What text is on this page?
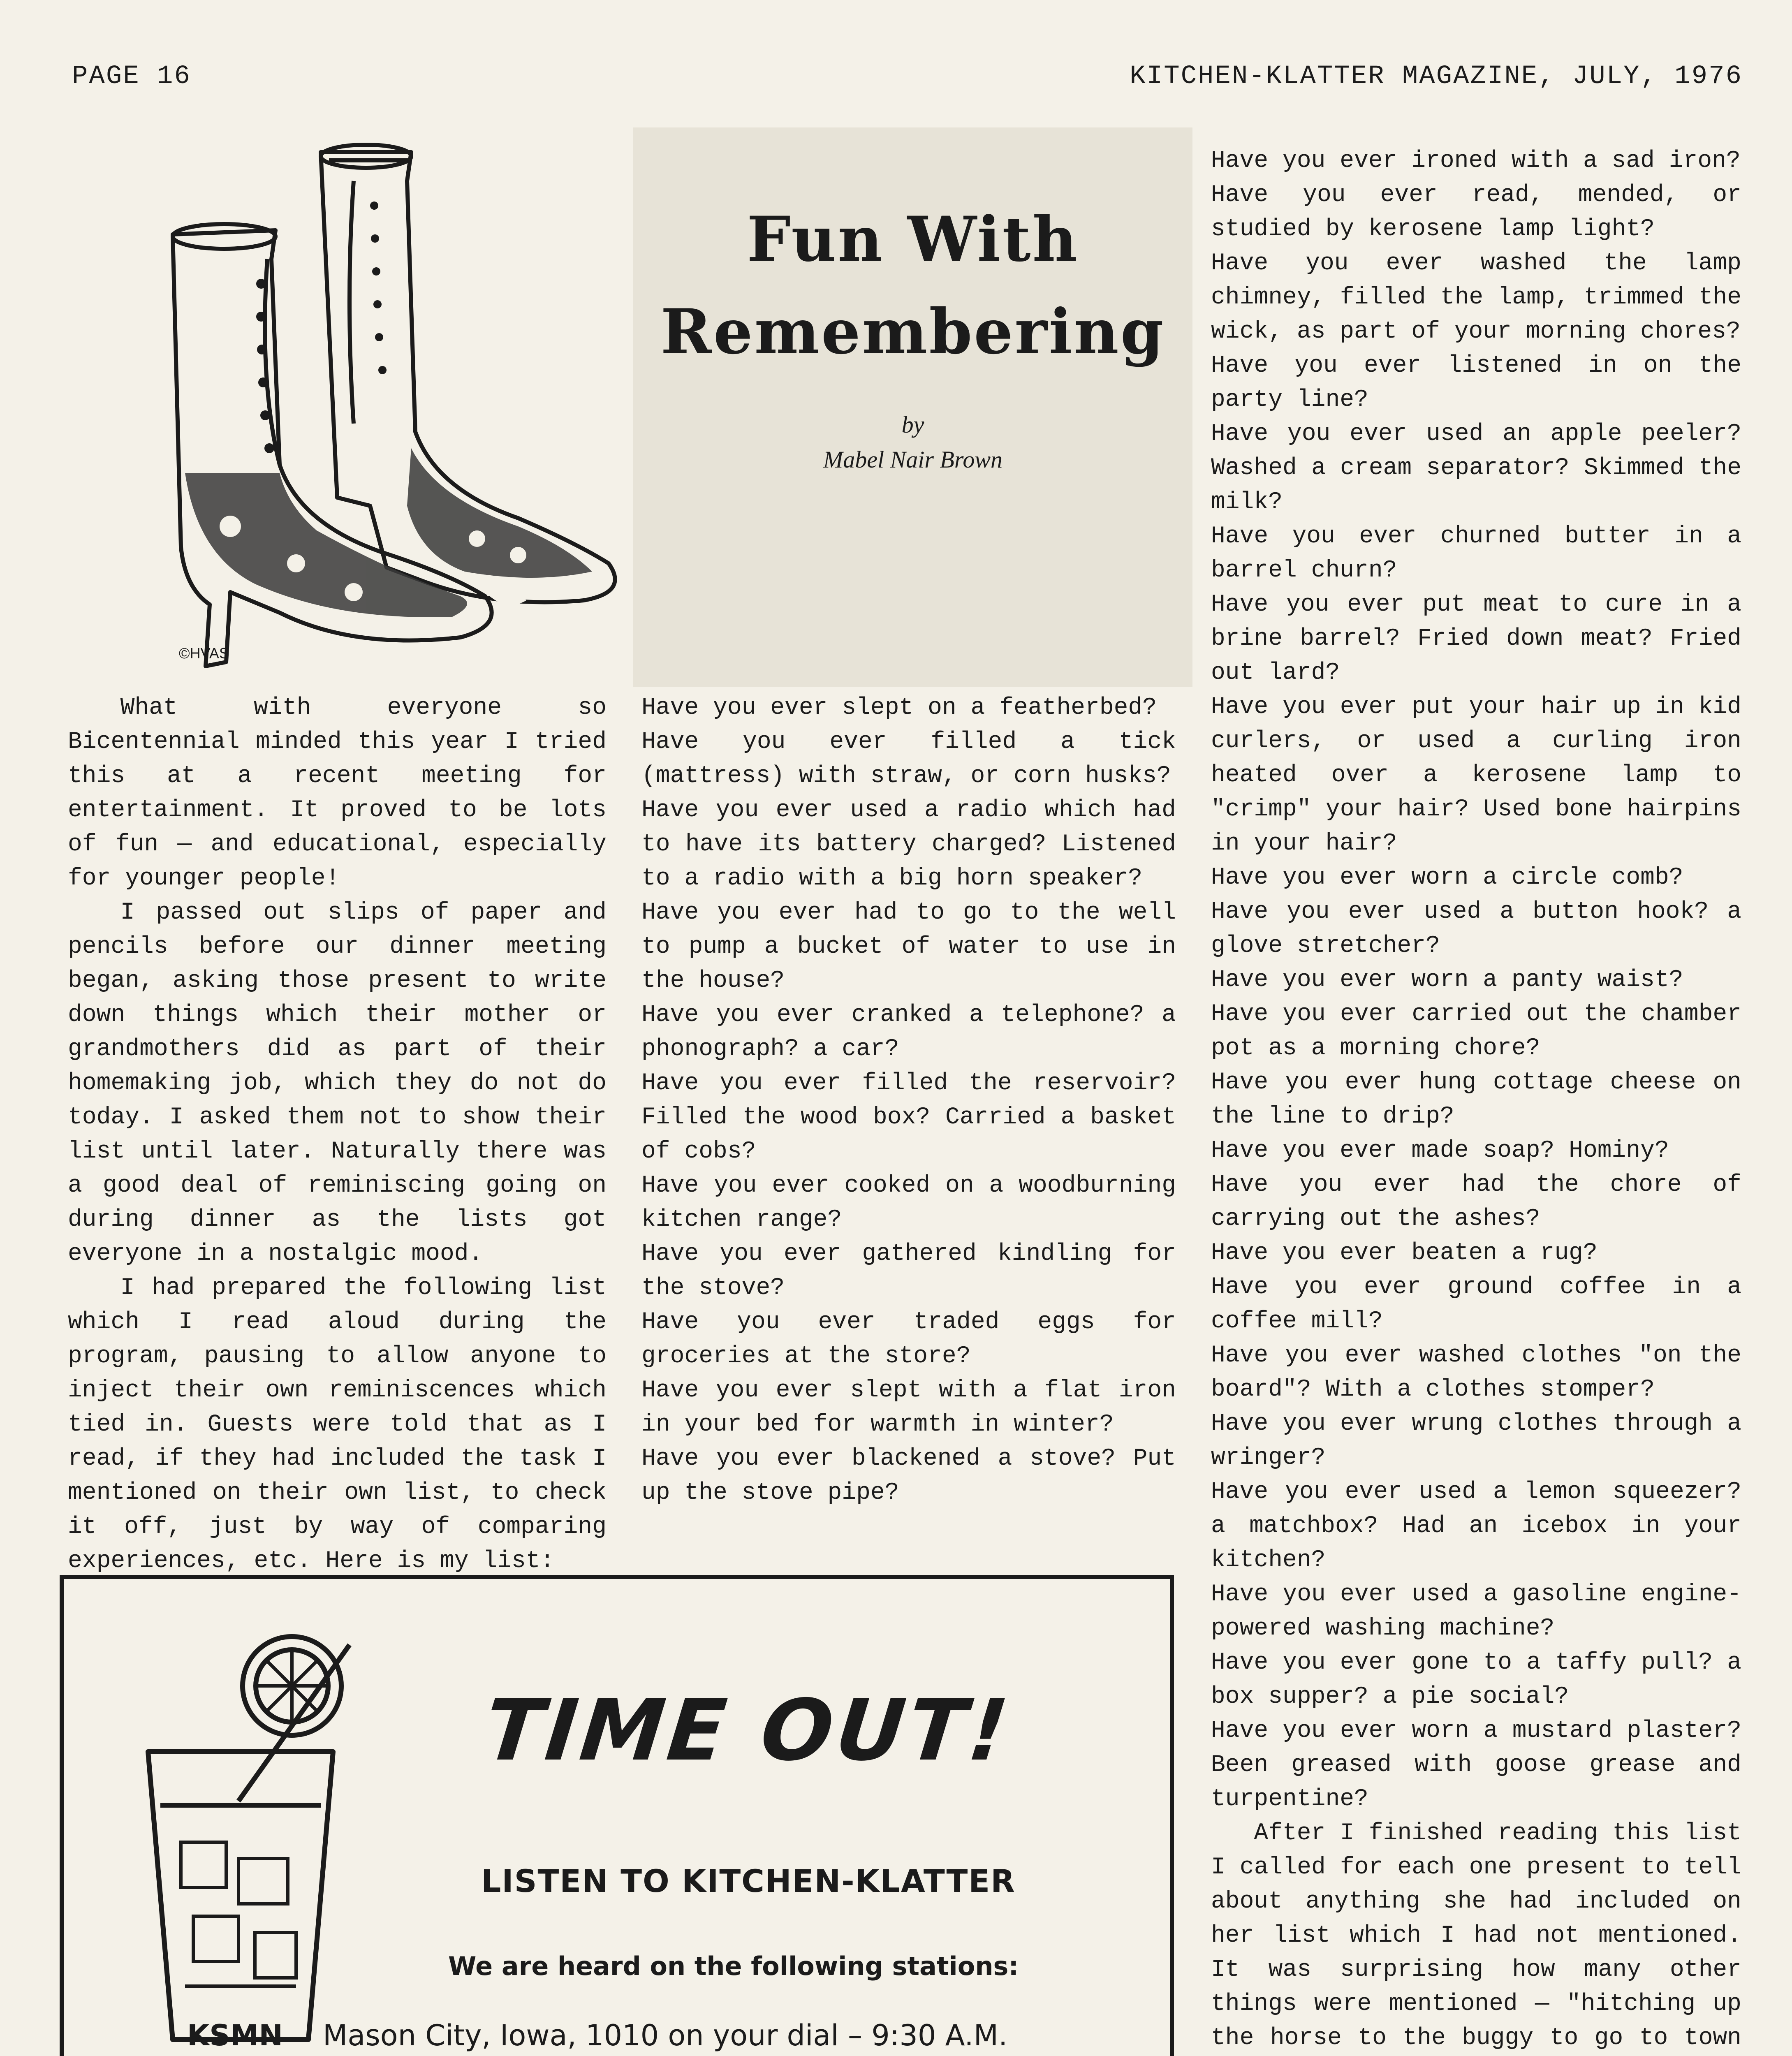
PAGE 16	KITCHEN-KLATTER MAGAZINE, JULY, 1976
Fun With
Remembering
by
Mabel Nair Brown
©HVAS

What with everyone so Bicentennial minded this year I tried this at a recent meeting for entertainment. It proved to be lots of fun — and educational, especially for younger people!

I passed out slips of paper and pencils before our dinner meeting began, asking those present to write down things which their mother or grandmothers did as part of their homemaking job, which they do not do today. I asked them not to show their list until later. Naturally there was a good deal of reminiscing going on during dinner as the lists got everyone in a nostalgic mood.

I had prepared the following list which I read aloud during the program, pausing to allow anyone to inject their own reminiscences which tied in. Guests were told that as I read, if they had included the task I mentioned on their own list, to check it off, just by way of comparing experiences, etc. Here is my list:

Have you ever slept on a featherbed?

Have you ever filled a tick (mattress) with straw, or corn husks?

Have you ever used a radio which had to have its battery charged? Listened to a radio with a big horn speaker?

Have you ever had to go to the well to pump a bucket of water to use in the house?

Have you ever cranked a telephone? a phonograph? a car?

Have you ever filled the reservoir? Filled the wood box? Carried a basket of cobs?

Have you ever cooked on a woodburning kitchen range?

Have you ever gathered kindling for the stove?

Have you ever traded eggs for groceries at the store?

Have you ever slept with a flat iron in your bed for warmth in winter?

Have you ever blackened a stove? Put up the stove pipe?

Have you ever ironed with a sad iron?

Have you ever read, mended, or studied by kerosene lamp light?

Have you ever washed the lamp chimney, filled the lamp, trimmed the wick, as part of your morning chores?

Have you ever listened in on the party line?

Have you ever used an apple peeler? Washed a cream separator? Skimmed the milk?

Have you ever churned butter in a barrel churn?

Have you ever put meat to cure in a brine barrel? Fried down meat? Fried out lard?

Have you ever put your hair up in kid curlers, or used a curling iron heated over a kerosene lamp to "crimp" your hair? Used bone hairpins in your hair?

Have you ever worn a circle comb?

Have you ever used a button hook? a glove stretcher?

Have you ever worn a panty waist?

Have you ever carried out the chamber pot as a morning chore?

Have you ever hung cottage cheese on the line to drip?

Have you ever made soap? Hominy?

Have you ever had the chore of carrying out the ashes?

Have you ever beaten a rug?

Have you ever ground coffee in a coffee mill?

Have you ever washed clothes "on the board"? With a clothes stomper?

Have you ever wrung clothes through a wringer?

Have you ever used a lemon squeezer? a matchbox? Had an icebox in your kitchen?

Have you ever used a gasoline engine-powered washing machine?

Have you ever gone to a taffy pull? a box supper? a pie social?

Have you ever worn a mustard plaster? Been greased with goose grease and turpentine?

After I finished reading this list I called for each one present to tell about anything she had included on her list which I had not mentioned. It was surprising how many other things were mentioned — "hitching up the horse to the buggy to go to town

TIME OUT!
LISTEN TO KITCHEN-KLATTER
We are heard on the following stations:
KSMN	Mason City, Iowa, 1010 on your dial – 9:30 A.M.
